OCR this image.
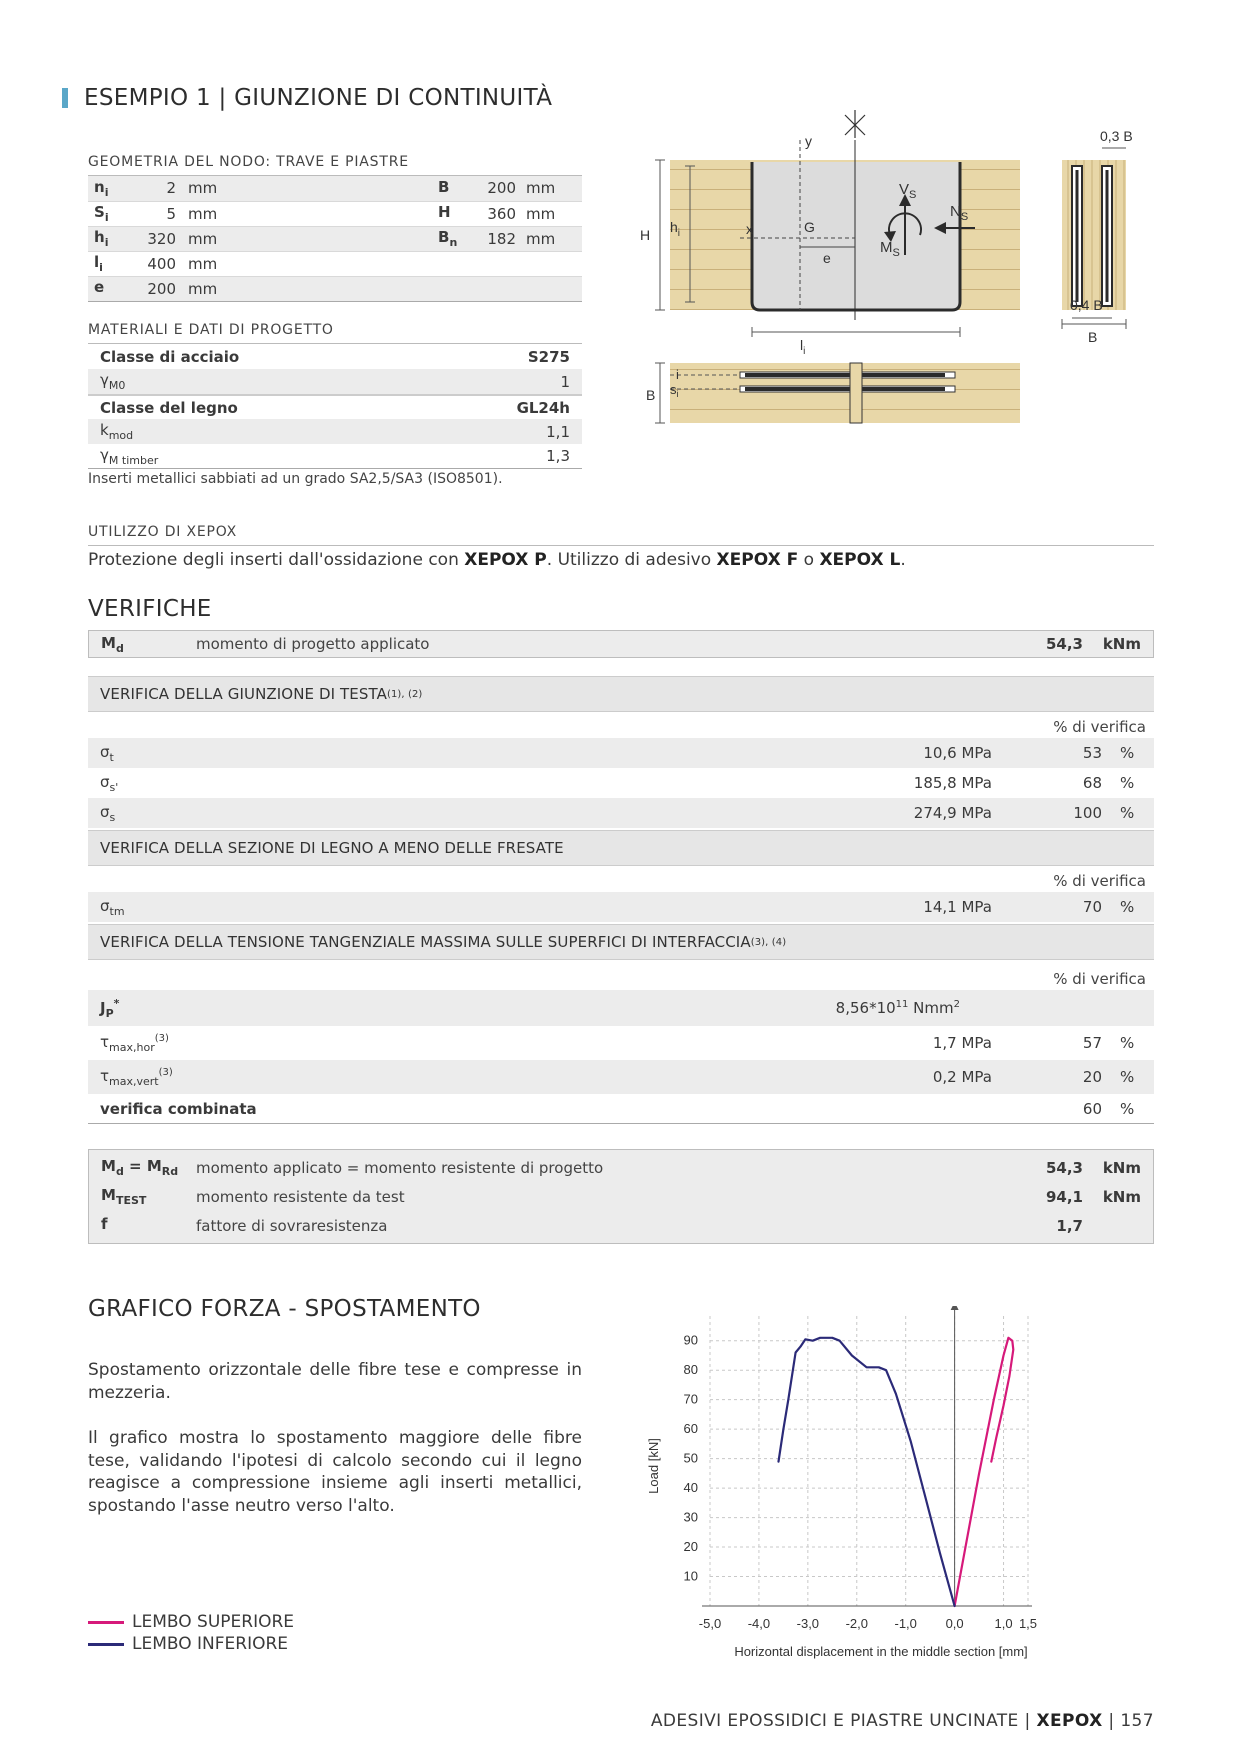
ESEMPIO 1 | GIUNZIONE DI CONTINUITÀ
GEOMETRIA DEL NODO: TRAVE E PIASTRE
$n_i$	2	mm	B	200	mm
$S_i$	5	mm	H	360	mm
$h_i$	320	mm	$B_n$	182	mm
$l_i$	400	mm			
e	200	mm			
MATERIALI E DATI DI PROGETTO
Classe di acciaio	S275
$\gamma_{M0}$	1
Classe del legno	GL24h
$k_{mod}$	1,1
$\gamma_{M timber}$	1,3
Inserti metallici sabbiati ad un grado SA2,5/SA3 (ISO8501).
y
x	G
e
$V_S$
$N_S$
$M_S$
H $h_i$
$l_i$
0,3 B
0,4 B
B
B
i
$s_i$
UTILIZZO DI XEPOX
Protezione degli inserti dall'ossidazione con XEPOX P. Utilizzo di adesivo XEPOX F o XEPOX L.
VERIFICHE
$M_d$	momento di progetto applicato	54,3	kNm
VERIFICA DELLA GIUNZIONE DI TESTA (1), (2)
% di verifica
$\sigma_t$	10,6 MPa	53	%
$\sigma_{s'}$	185,8 MPa	68	%
$\sigma_s$	274,9 MPa	100	%
VERIFICA DELLA SEZIONE DI LEGNO A MENO DELLE FRESATE
% di verifica
$\sigma_{tm}$	14,1 MPa	70	%
VERIFICA DELLA TENSIONE TANGENZIALE MASSIMA SULLE SUPERFICI DI INTERFACCIA (3), (4)
% di verifica
$J_P^*$	$8,56*10^{11}$ Nmm$^2$
$\tau_{max,hor}^{(3)}$	1,7 MPa	57	%
$\tau_{max,vert}^{(3)}$	0,2 MPa	20	%
verifica combinata	60	%
$M_d = M_{Rd}$	momento applicato = momento resistente di progetto	54,3	kNm
$M_{TEST}$	momento resistente da test	94,1	kNm
f	fattore di sovraresistenza	1,7
GRAFICO FORZA - SPOSTAMENTO
Spostamento orizzontale delle fibre tese e compresse in mezzeria.
Il grafico mostra lo spostamento maggiore delle fibre tese, validando l'ipotesi di calcolo secondo cui il legno reagisce a compressione insieme agli inserti metallici, spostando l'asse neutro verso l'alto.
LEMBO SUPERIORE
LEMBO INFERIORE
-5,0 -4,0 -3,0 -2,0 -1,0 0,0 1,0 1,5
10
20
30
40
50
60
70
80
90
Horizontal displacement in the middle section [mm]
Load [kN]
ADESIVI EPOSSIDICI E PIASTRE UNCINATE | XEPOX | 157
